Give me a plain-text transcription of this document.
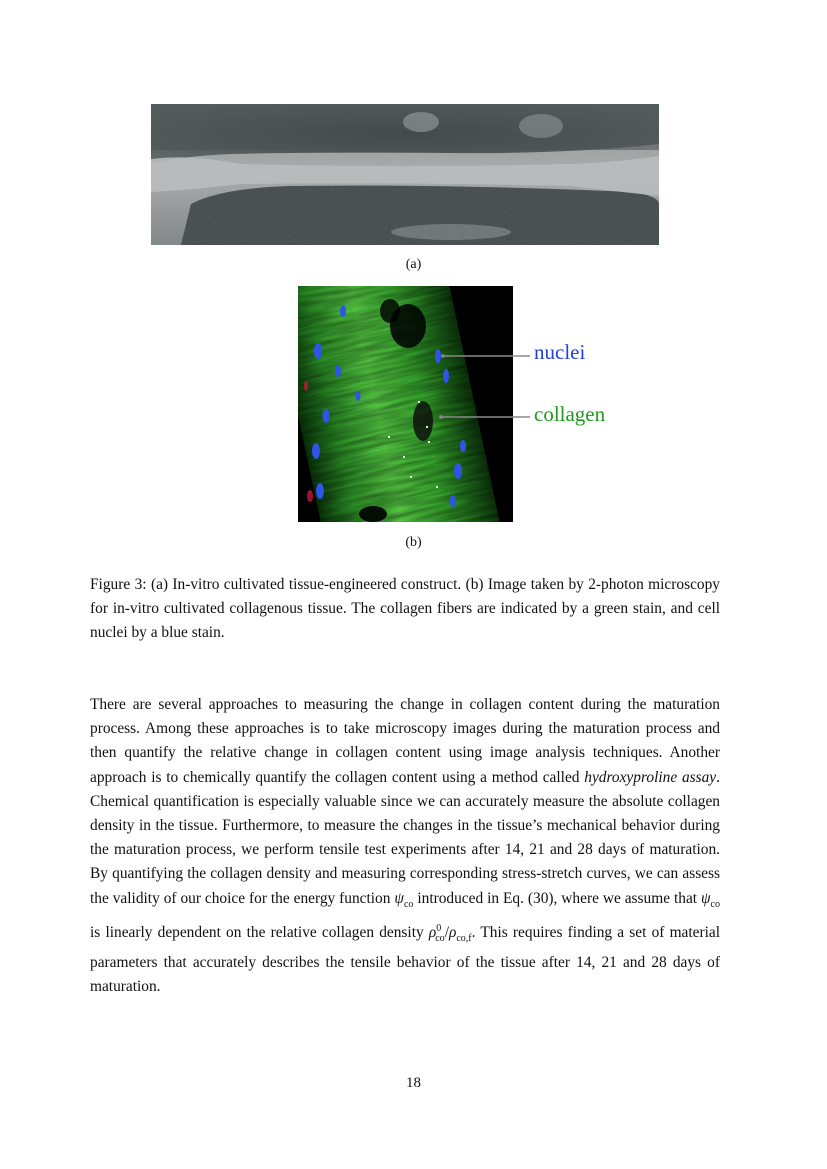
(a)
nuclei
collagen
(b)
Figure 3: (a) In-vitro cultivated tissue-engineered construct. (b) Image taken by 2-photon microscopy for in-vitro cultivated collagenous tissue. The collagen fibers are indicated by a green stain, and cell nuclei by a blue stain.

There are several approaches to measuring the change in collagen content during the maturation process. Among these approaches is to take microscopy images during the maturation process and then quantify the relative change in collagen content using image analysis techniques. Another approach is to chemically quantify the collagen content using a method called hydroxyproline assay. Chemical quantification is especially valuable since we can accurately measure the absolute collagen density in the tissue. Furthermore, to measure the changes in the tissue’s mechanical behavior during the maturation process, we perform tensile test experiments after 14, 21 and 28 days of maturation. By quantifying the collagen density and measuring corresponding stress-stretch curves, we can assess the validity of our choice for the energy function $\psi_{co}$ introduced in Eq. (30), where we assume that $\psi_{co}$ is linearly dependent on the relative collagen density $\rho^0_{co}/\rho_{co,f}$. This requires finding a set of material parameters that accurately describes the tensile behavior of the tissue after 14, 21 and 28 days of maturation.

18
